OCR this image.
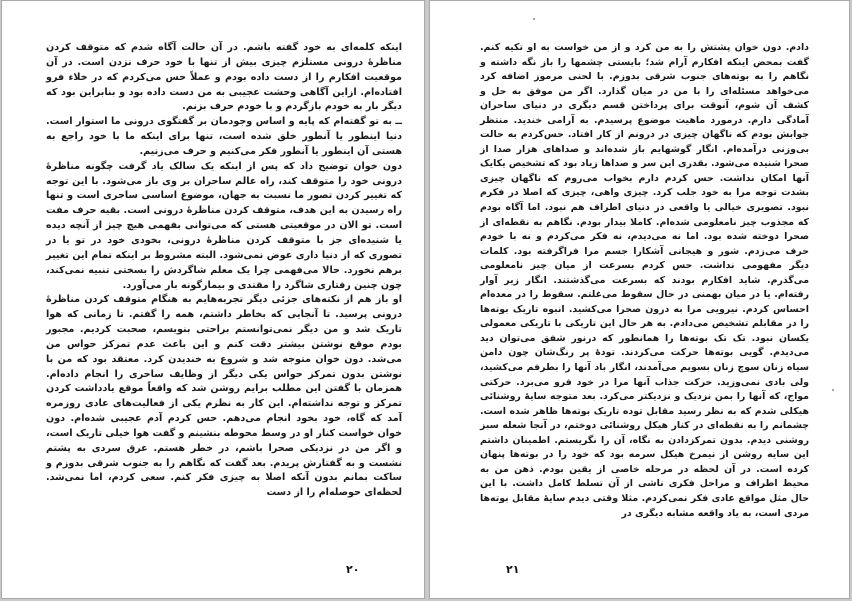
اینکه کلمه‌ای به خود گفته باشم. در آن حالت آگاه شدم که متوقف کردن مناظرهٔ درونی مستلزم چیزی بیش از تنها با خود حرف نزدن است. در آن موقعیت افکارم را از دست داده بودم و عملاً حس می‌کردم که در خلاء فرو افتاده‌ام. ازاین آگاهی وحشت عجیبی به من دست داده بود و بنابراین بود که دیگر بار به خودم بازگردم و با خودم حرف بزنم.

ــ به تو گفته‌ام که پایه و اساس وجودمان بر گفتگوی درونی ما استوار است. دنیا اینطور یا آنطور خلق شده است، تنها برای اینکه ما با خود راجع به هستی آن اینطور یا آنطور فکر می‌کنیم و حرف می‌زنیم.

دون خوان توضیح داد که پس از اینکه یک سالک یاد گرفت چگونه مناظرهٔ درونی خود را متوقف کند، راه عالم ساحران بر وی باز می‌شود. با این توجه که تغییر کردن تصور ما نسبت به جهان، موضوع اساسی ساحری است و تنها راه رسیدن به این هدف، متوقف کردن مناظرهٔ درونی است. بقیه حرف مفت است. تو الان در موقعیتی هستی که می‌توانی بفهمی هیچ چیز از آنچه دیده یا شنیده‌ای جز با متوقف کردن مناظرهٔ درونی، بخودی خود در تو یا در تصوری که از دنیا داری عوض نمی‌شود. البته مشروط بر اینکه تمام این تغییر برهم نخورد. حالا می‌فهمی چرا یک معلم شاگردش را بسختی تنبیه نمی‌کند، چون چنین رفتاری شاگرد را مقتدی و بیمارگونه بار می‌آورد.

او باز هم از نکته‌های جزئی دیگر تجربه‌هایم به هنگام متوقف کردن مناظرهٔ درونی پرسید. تا آنجایی که بخاطر داشتم، همه را گفتم. تا زمانی که هوا تاریک شد و من دیگر نمی‌توانستم براحتی بنویسم، صحبت کردیم. مجبور بودم موقع نوشتن بیشتر دقت کنم و این باعث عدم تمرکز حواس من می‌شد. دون خوان متوجه شد و شروع به خندیدن کرد. معتقد بود که من با نوشتن بدون تمرکز حواس یکی دیگر از وظایف ساحری را انجام داده‌ام. همزمان با گفتن این مطلب برایم روشن شد که واقعاً موقع یادداشت کردن تمرکز و توجه نداشته‌ام. این کار به نظرم یکی از فعالیت‌های عادی روزمره آمد که گاه، خود بخود انجام می‌دهم. حس کردم آدم عجیبی شده‌ام. دون خوان خواست کنار او در وسط محوطه بنشینم و گفت هوا خیلی تاریک است، و اگر من در نزدیکی صحرا باشم، در خطر هستم. عرق سردی به پشتم نشست و به گفتارش پریدم. بعد گفت که نگاهم را به جنوب شرقی بدوزم و ساکت بمانم بدون آنکه اصلا به چیزی فکر کنم. سعی کردم، اما نمی‌شد. لحظه‌ای حوصله‌ام را از دست

۲۰

دادم. دون خوان پشتش را به من کرد و از من خواست به او تکیه کنم. گفت بمحض اینکه افکارم آرام شد؛ بایستی چشمها را باز نگه داشته و نگاهم را به بوته‌های جنوب شرقی بدوزم. با لحنی مرموز اضافه کرد می‌خواهد مسئله‌ای را با من در میان گذارد. اگر من موفق به حل و کشف آن شوم، آنوقت برای پرداختن قسم دیگری در دنیای ساحران آمادگی دارم. درمورد ماهیت موضوع پرسیدم. به آرامی خندید. منتظر جوابش بودم که ناگهان چیزی در درونم از کار افتاد. حس‌کردم به حالت بی‌وزنی درآمده‌ام. انگار گوشهایم باز شده‌اند و صداهای هزار صدا از صحرا شنیده می‌شود. بقدری این سر و صداها زیاد بود که تشخیص یکایک آنها امکان نداشت. حس کردم دارم بخواب می‌روم که ناگهان چیزی بشدت توجه مرا به خود جلب کرد. چیزی واهی، چیزی که اصلا در فکرم نبود. تصویری خیالی یا واقعی در دنیای اطراف هم نبود. اما آگاه بودم که مجذوب چیز نامعلومی شده‌ام. کاملا بیدار بودم. نگاهم به نقطه‌ای از صحرا دوخته شده بود. اما نه می‌دیدم، نه فکر می‌کردم و نه با خودم حرف می‌زدم. شور و هیجانی آشکارا جسم مرا فراگرفته بود. کلمات دیگر مفهومی نداشت. حس کردم بسرعت از میان چیز نامعلومی می‌گذرم. شاید افکارم بودند که بسرعت می‌گذشتند. انگار زیر آوار رفته‌ام. یا در میان بهمنی در حال سقوط می‌غلتم. سقوط را در معده‌ام احساس کردم. نیرویی مرا به درون صحرا می‌کشید. انبوه تاریک بوته‌ها را در مقابلم تشخیص می‌دادم. به هر حال این تاریکی با تاریکی معمولی یکسان نبود. تک تک بوته‌ها را همانطور که درنور شفق می‌توان دید می‌دیدم. گویی بوته‌ها حرکت می‌کردند. تودهٔ پر رنگ‌شان چون دامن سیاه زنان سوچ زنان بسویم می‌آمدند، انگار باد آنها را بطرفم می‌کشید، ولی بادی نمی‌وزید. حرکت جذاب آنها مرا در خود فرو می‌برد. حرکتی مواج، که آنها را بمن نزدیک و نزدیکتر می‌کرد. بعد متوجه سایهٔ روشنائی هیکلی شدم که به نظر رسید مقابل توده تاریک بوته‌ها ظاهر شده است. چشمانم را به نقطه‌ای در کنار هیکل روشنائی دوختم، در آنجا شعله سبز روشنی دیدم. بدون تمرکزدادن به نگاه، آن را نگریستم. اطمینان داشتم این سایه روشن از نیمرخ هیکل سرمه بود که خود را در بوته‌ها پنهان کرده است. در آن لحظه در مرحله خاصی از یقین بودم. ذهن من به محیط اطراف و مراحل فکری ناشی از آن تسلط کامل داشت. با این حال مثل مواقع عادی فکر نمی‌کردم. مثلا وقتی دیدم سایهٔ مقابل بوته‌ها مردی است، به یاد واقعه مشابه دیگری در

۲۱
